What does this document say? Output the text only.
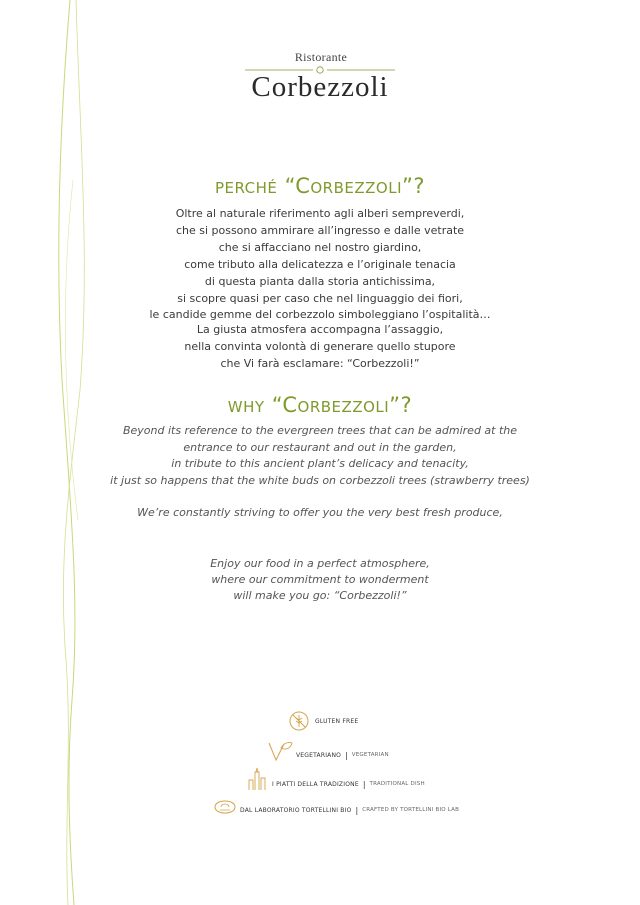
Ristorante
Corbezzoli
perché “Corbezzoli”?
Oltre al naturale riferimento agli alberi sempreverdi,
che si possono ammirare all’ingresso e dalle vetrate
che si affacciano nel nostro giardino,
come tributo alla delicatezza e l’originale tenacia
di questa pianta dalla storia antichissima,
si scopre quasi per caso che nel linguaggio dei fiori,
le candide gemme del corbezzolo simboleggiano l’ospitalità…
La giusta atmosfera accompagna l’assaggio,
nella convinta volontà di generare quello stupore
che Vi farà esclamare: “Corbezzoli!”
why “Corbezzoli”?
Beyond its reference to the evergreen trees that can be admired at the
entrance to our restaurant and out in the garden,
in tribute to this ancient plant’s delicacy and tenacity,
it just so happens that the white buds on corbezzoli trees (strawberry trees)
We’re constantly striving to offer you the very best fresh produce,
Enjoy our food in a perfect atmosphere,
where our commitment to wonderment
will make you go: “Corbezzoli!”
GLUTEN FREE
VEGETARIANO | VEGETARIAN
I PIATTI DELLA TRADIZIONE | TRADITIONAL DISH
DAL LABORATORIO TORTELLINI BIO | CRAFTED BY TORTELLINI BIO LAB
